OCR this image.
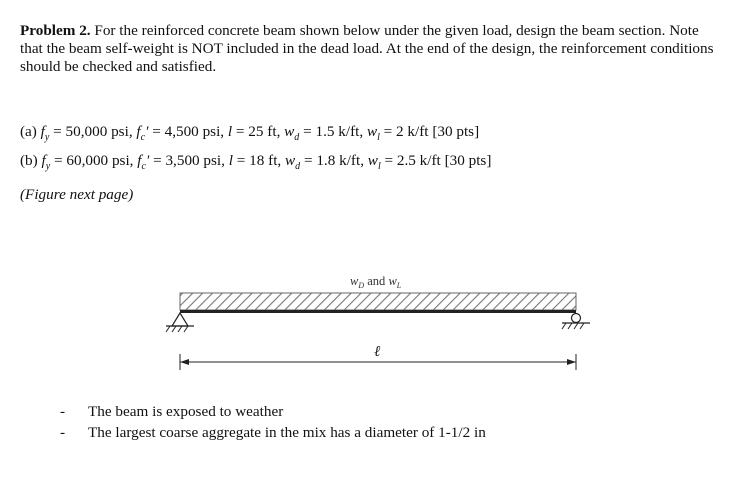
Problem 2. For the reinforced concrete beam shown below under the given load, design the beam section. Note that the beam self-weight is NOT included in the dead load. At the end of the design, the reinforcement conditions should be checked and satisfied.
(a) $f_y = 50,000$ psi, $f_c' = 4,500$ psi, l = 25 ft, $w_d = 1.5$ k/ft, $w_l = 2$ k/ft [30 pts]
(b) $f_y = 60,000$ psi, $f_c' = 3,500$ psi, l = 18 ft, $w_d = 1.8$ k/ft, $w_l = 2.5$ k/ft [30 pts]
(Figure next page)
$w_D$ and $w_L$
ℓ
-	The beam is exposed to weather
-	The largest coarse aggregate in the mix has a diameter of 1-1/2 in
